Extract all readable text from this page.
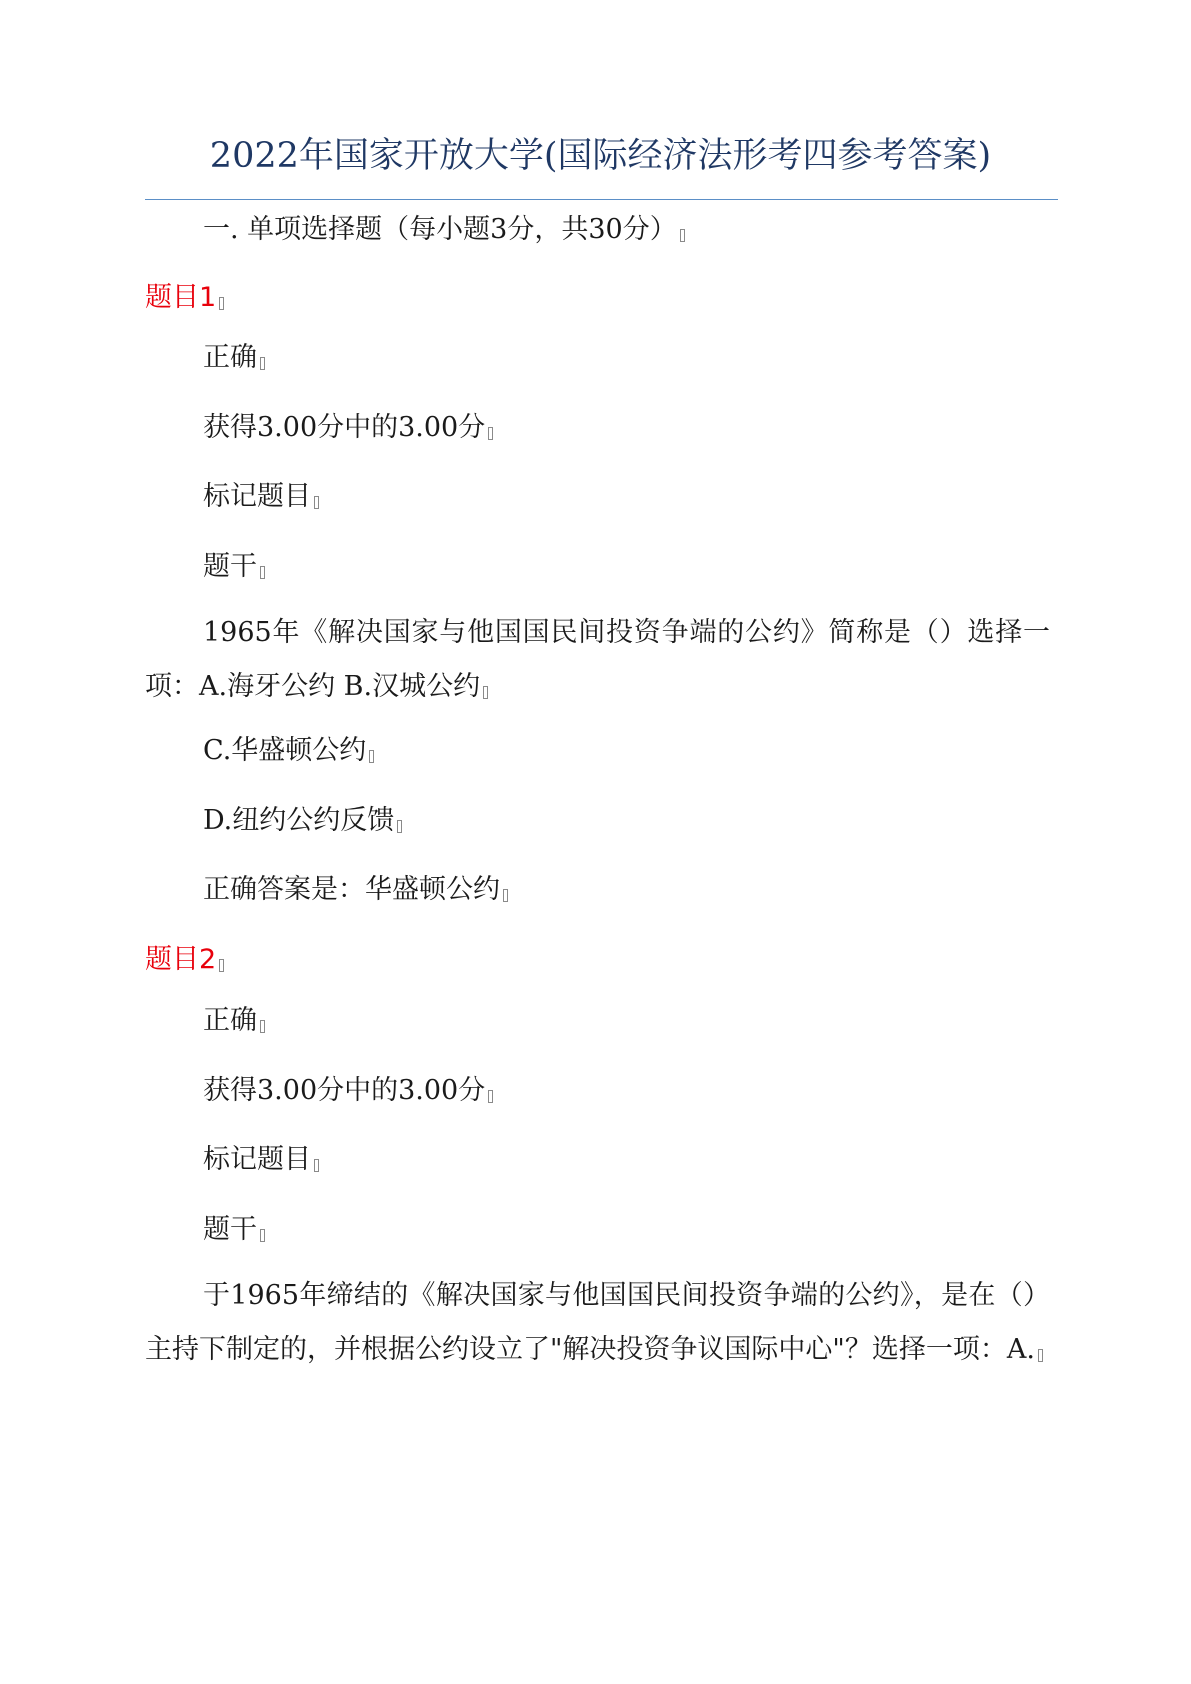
2022年国家开放大学(国际经济法形考四参考答案)
一. 单项选择题（每小题3分，共30分）
题目1
正确
获得3.00分中的3.00分
标记题目
题干
1965年《解决国家与他国国民间投资争端的公约》简称是（）选择一项：A.海牙公约 B.汉城公约
C.华盛顿公约
D.纽约公约反馈
正确答案是：华盛顿公约
题目2
正确
获得3.00分中的3.00分
标记题目
题干
于1965年缔结的《解决国家与他国国民间投资争端的公约》，是在（）主持下制定的，并根据公约设立了"解决投资争议国际中心"？选择一项：A.
